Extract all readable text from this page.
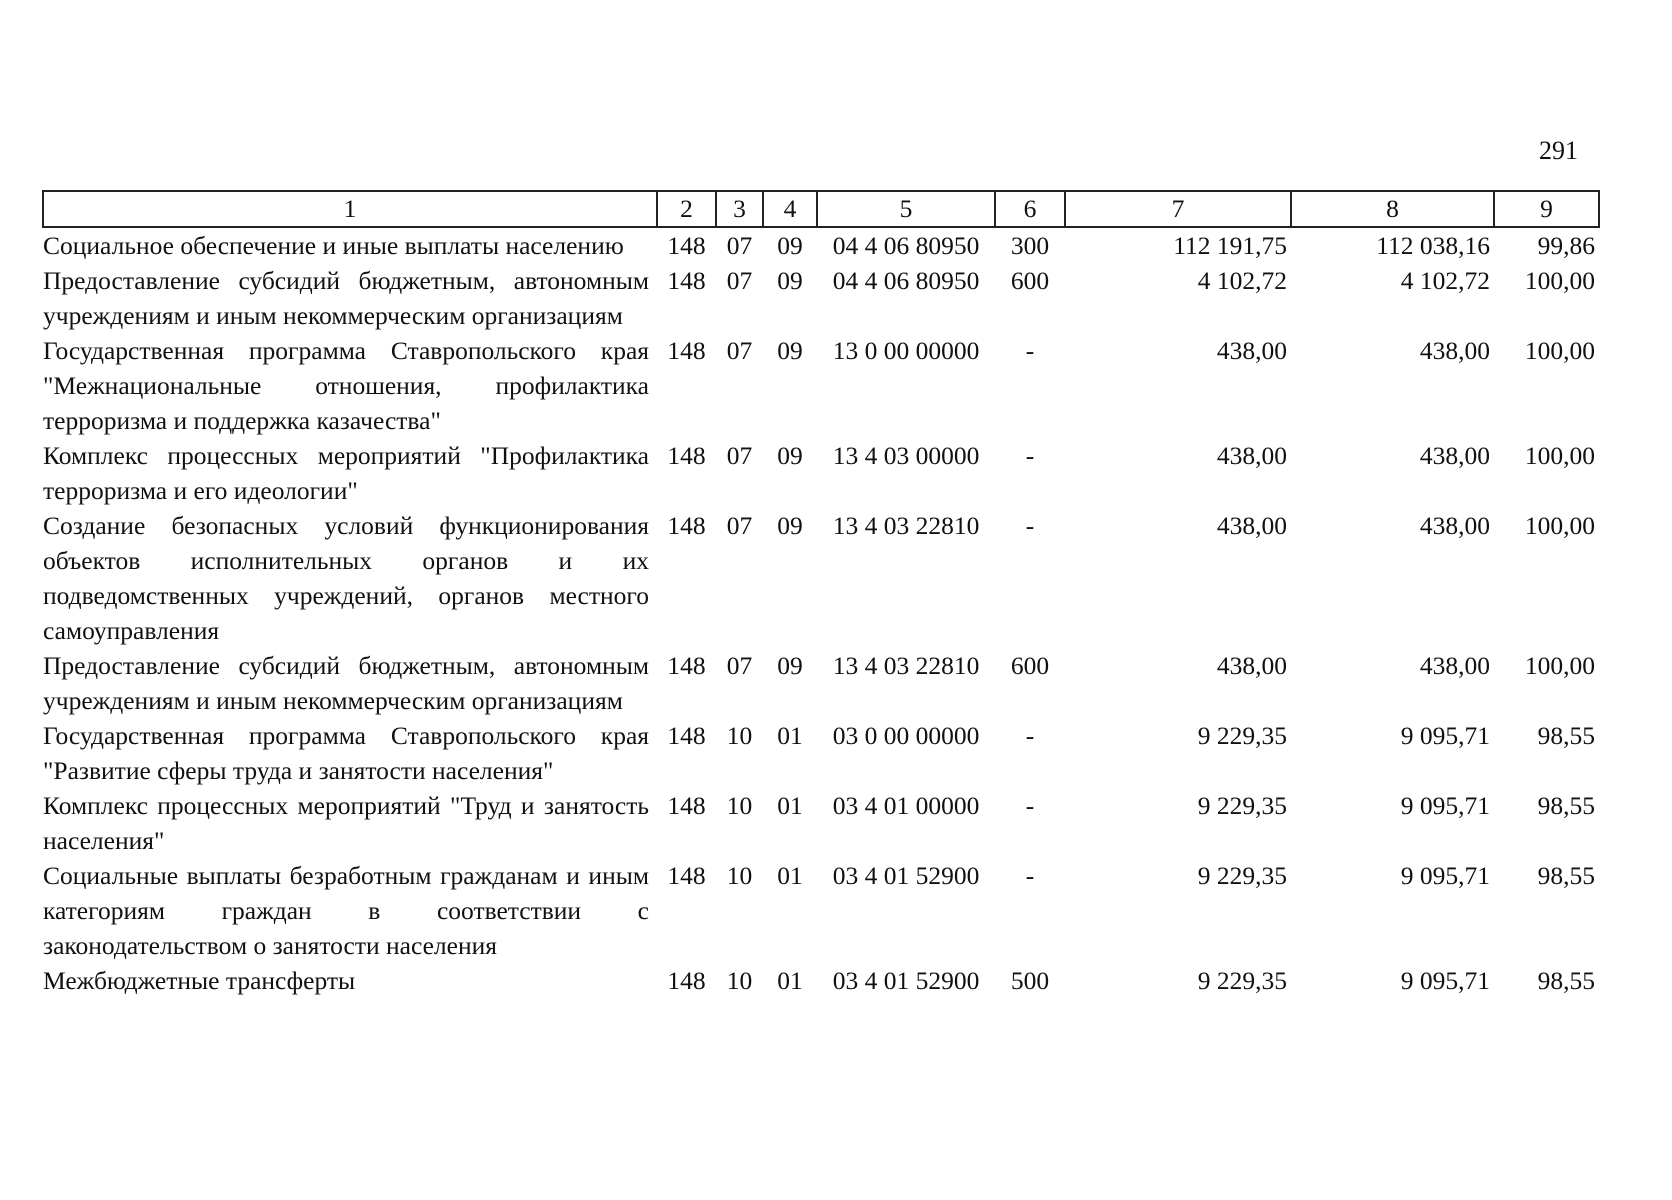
291
1	2	3	4	5	6	7	8	9
Социальное обеспечение и иные выплаты населению	148	07	09	04 4 06 80950	300	112 191,75	112 038,16	99,86
Предоставление субсидий бюджетным, автономным учреждениям и иным некоммерческим организациям	148	07	09	04 4 06 80950	600	4 102,72	4 102,72	100,00
Государственная программа Ставропольского края "Межнациональные отношения, профилактика терроризма и поддержка казачества"	148	07	09	13 0 00 00000	-	438,00	438,00	100,00
Комплекс процессных мероприятий "Профилактика терроризма и его идеологии"	148	07	09	13 4 03 00000	-	438,00	438,00	100,00
Создание безопасных условий функционирования объектов исполнительных органов и их подведомственных учреждений, органов местного самоуправления	148	07	09	13 4 03 22810	-	438,00	438,00	100,00
Предоставление субсидий бюджетным, автономным учреждениям и иным некоммерческим организациям	148	07	09	13 4 03 22810	600	438,00	438,00	100,00
Государственная программа Ставропольского края "Развитие сферы труда и занятости населения"	148	10	01	03 0 00 00000	-	9 229,35	9 095,71	98,55
Комплекс процессных мероприятий "Труд и занятость населения"	148	10	01	03 4 01 00000	-	9 229,35	9 095,71	98,55
Социальные выплаты безработным гражданам и иным категориям граждан в соответствии с законодательством о занятости населения	148	10	01	03 4 01 52900	-	9 229,35	9 095,71	98,55
Межбюджетные трансферты	148	10	01	03 4 01 52900	500	9 229,35	9 095,71	98,55
